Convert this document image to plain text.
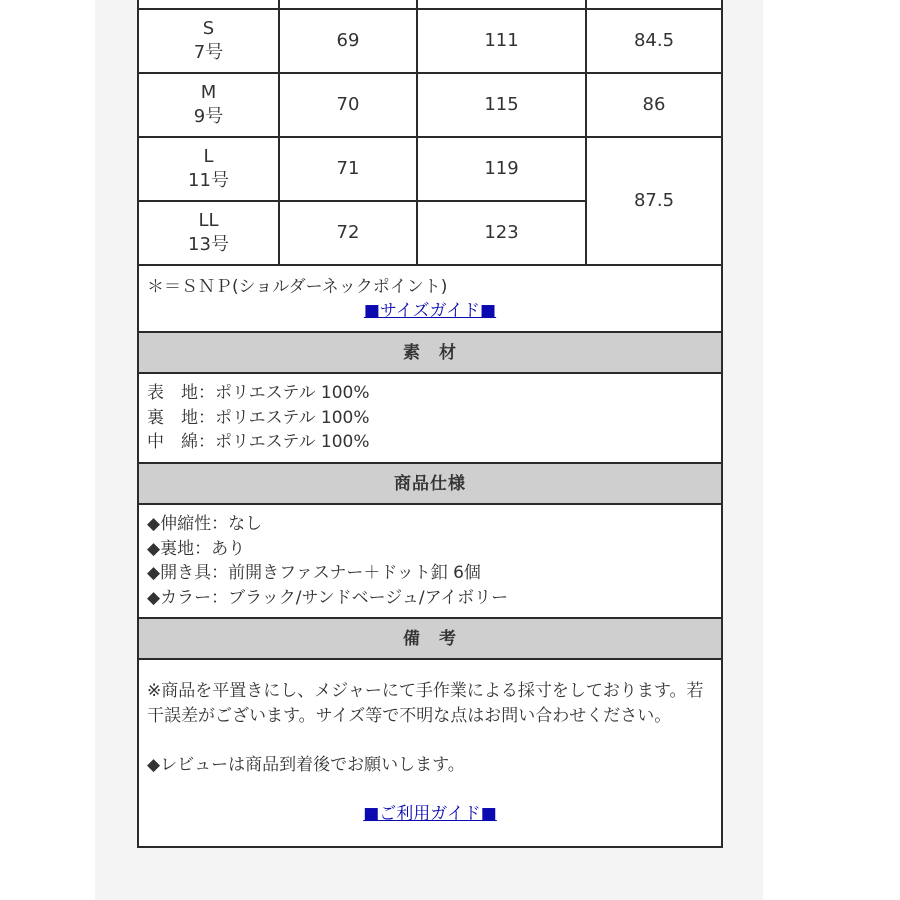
S
7号	69	111	84.5
M
9号	70	115	86
L
11号	71	119	87.5
LL
13号	72	123	

＊＝ＳＮＰ(ショルダーネックポイント)
■サイズガイド■			

素　材			

表　地：ポリエステル 100%
裏　地：ポリエステル 100%
中　綿：ポリエステル 100%			

商品仕様			

◆伸縮性：なし
◆裏地：あり
◆開き具：前開きファスナー＋ドット釦 6個
◆カラー：ブラック/サンドベージュ/アイボリー			

備　考			

※商品を平置きにし、メジャーにて手作業による採寸をしております。若干誤差がございます。サイズ等で不明な点はお問い合わせください。
◆レビューは商品到着後でお願いします。
■ご利用ガイド■			
